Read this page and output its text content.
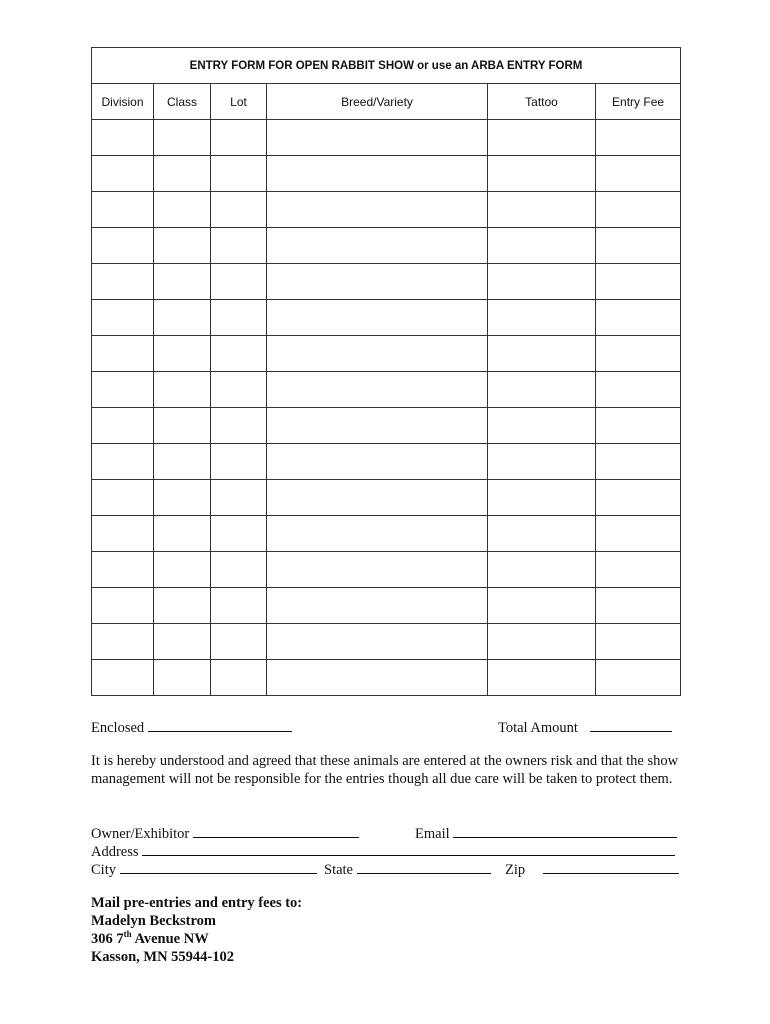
ENTRY FORM FOR OPEN RABBIT SHOW or use an ARBA ENTRY FORM					
Division	Class	Lot	Breed/Variety	Tattoo	Entry Fee

Enclosed	Total Amount
It is hereby understood and agreed that these animals are entered at the owners risk and that the show management will not be responsible for the entries though all due care will be taken to protect them.
Owner/Exhibitor	Email
Address
City	State	Zip
Mail pre-entries and entry fees to:
Madelyn Beckstrom
306 7th Avenue NW
Kasson, MN 55944-102
